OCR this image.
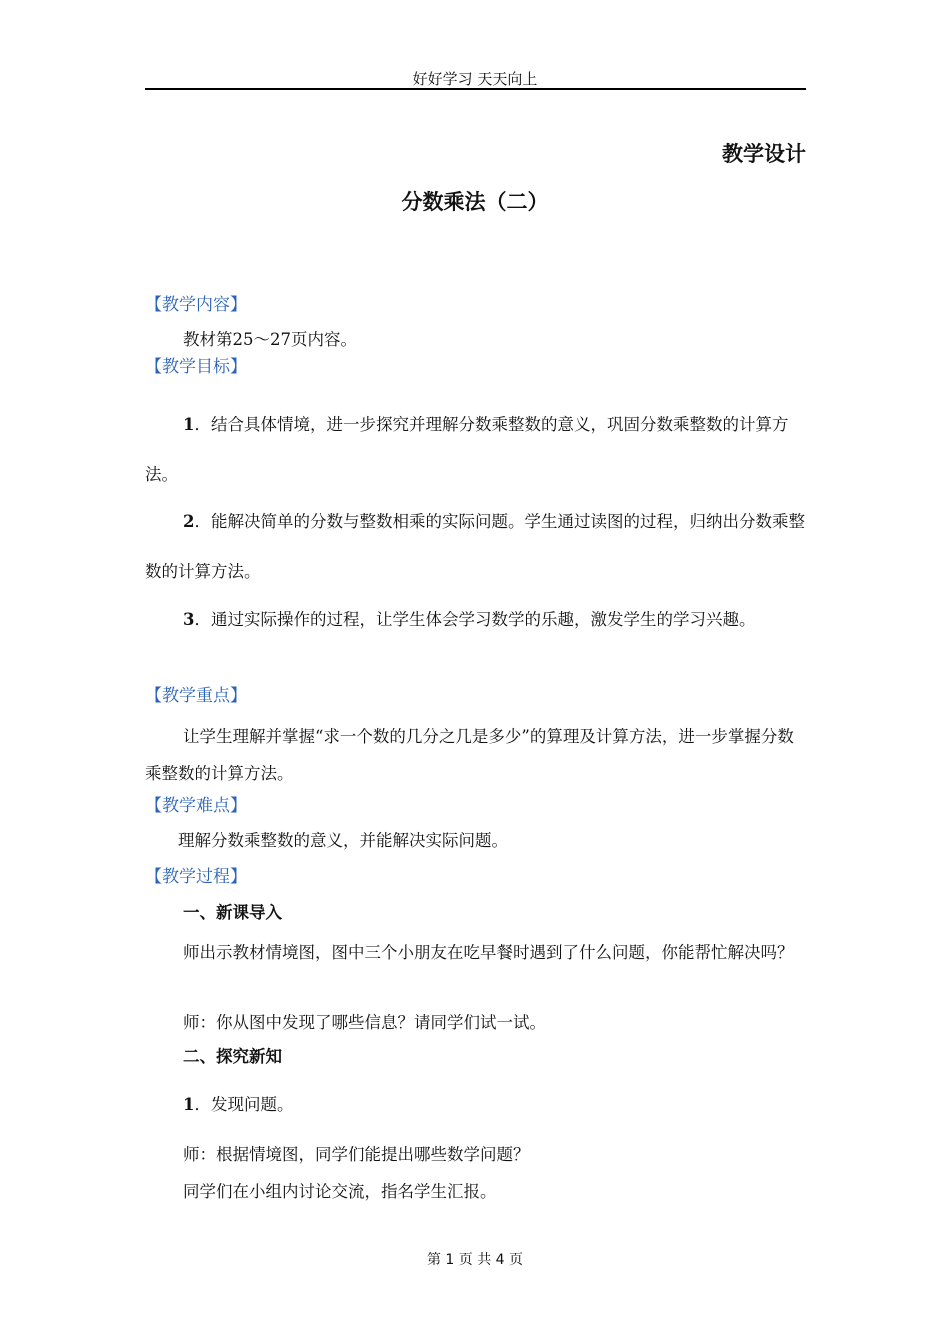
好好学习 天天向上
教学设计
分数乘法（二）
【教学内容】
教材第25～27页内容。
【教学目标】
1．结合具体情境，进一步探究并理解分数乘整数的意义，巩固分数乘整数的计算方法。
2．能解决简单的分数与整数相乘的实际问题。学生通过读图的过程，归纳出分数乘整数的计算方法。
3．通过实际操作的过程，让学生体会学习数学的乐趣，激发学生的学习兴趣。
【教学重点】
让学生理解并掌握“求一个数的几分之几是多少”的算理及计算方法，进一步掌握分数乘整数的计算方法。
【教学难点】
理解分数乘整数的意义，并能解决实际问题。
【教学过程】
一、新课导入
师出示教材情境图，图中三个小朋友在吃早餐时遇到了什么问题，你能帮忙解决吗？
师：你从图中发现了哪些信息？请同学们试一试。
二、探究新知
1．发现问题。
师：根据情境图，同学们能提出哪些数学问题？
同学们在小组内讨论交流，指名学生汇报。
第 1 页 共 4 页
